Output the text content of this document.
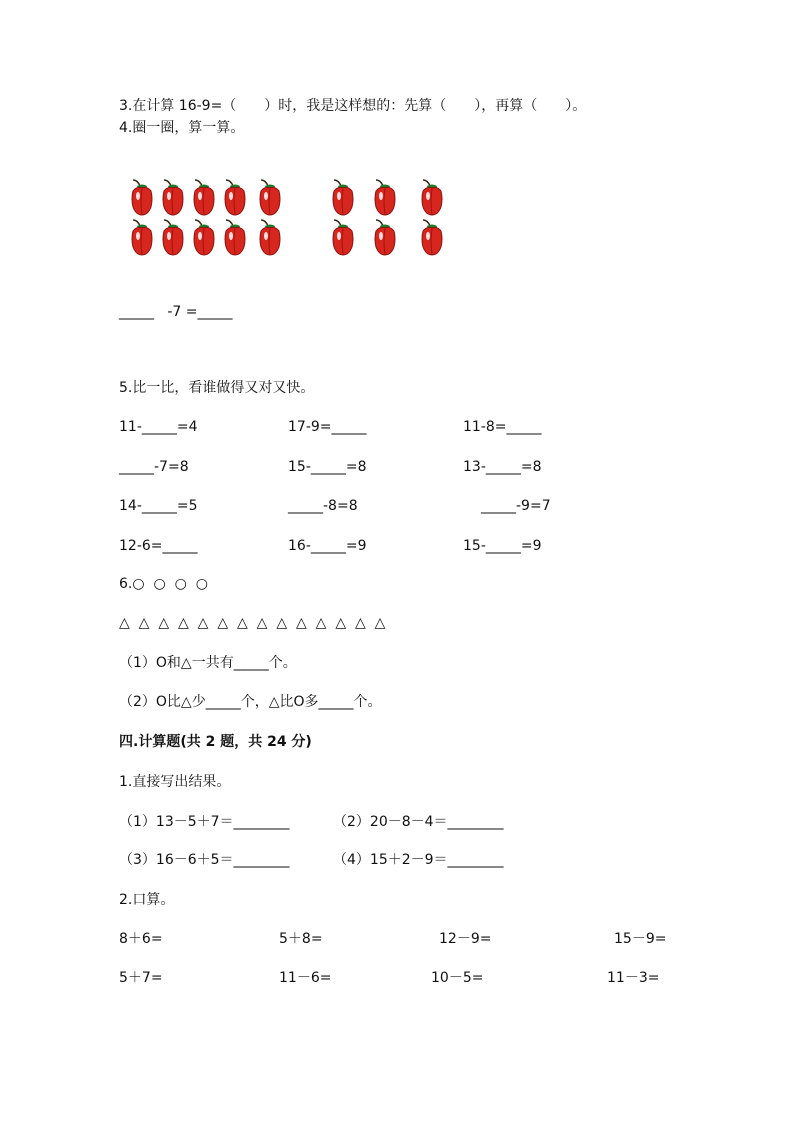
3.在计算 16-9=（　　）时，我是这样想的：先算（　　），再算（　　）。
4.圈一圈，算一算。
_____   -7 =_____
5.比一比，看谁做得又对又快。
11-_____=4	17-9=_____	11-8=_____
_____-7=8	15-_____=8	13-_____=8
14-_____=5	_____-8=8	_____-9=7
12-6=_____	16-_____=9	15-_____=9
6.○  ○  ○  ○
△  △  △  △  △  △  △  △  △  △  △  △  △  △
（1）O和△一共有_____个。
（2）O比△少_____个，△比O多_____个。
四.计算题(共 2 题，共 24 分)
1.直接写出结果。
（1）13－5＋7＝________	（2）20－8－4＝________
（3）16－6＋5＝________	（4）15＋2－9＝________
2.口算。
8＋6=	5＋8=	12－9=	15－9=
5＋7=	11－6=	10－5=	11－3=
